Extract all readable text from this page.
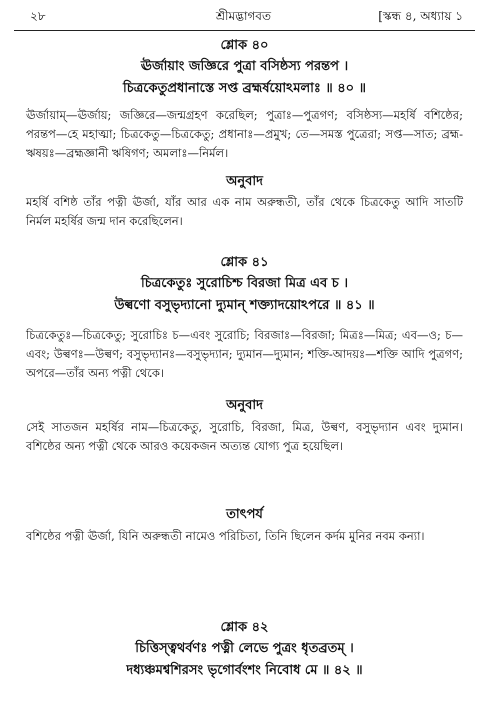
২৮	শ্রীমদ্ভাগবত	[স্কন্ধ ৪, অধ্যায় ১
শ্লোক ৪০
ঊর্জায়াং জজ্ঞিরে পুত্রা বসিষ্ঠস্য পরন্তপ ।
চিত্রকেতুপ্রধানাস্তে সপ্ত ব্রহ্মর্ষয়োঽমলাঃ ॥ ৪০ ॥
ঊর্জায়াম্—ঊর্জায়; জজ্ঞিরে—জন্মগ্রহণ করেছিল; পুত্রাঃ—পুত্রগণ; বসিষ্ঠস্য—মহর্ষি বশিষ্ঠের; পরন্তপ—হে মহাত্মা; চিত্রকেতু—চিত্রকেতু; প্রধানাঃ—প্রমুখ; তে—সমস্ত পুত্রেরা; সপ্ত—সাত; ব্রহ্ম-ঋষয়ঃ—ব্রহ্মজ্ঞানী ঋষিগণ; অমলাঃ—নির্মল।
অনুবাদ
মহর্ষি বশিষ্ঠ তাঁর পত্নী ঊর্জা, যাঁর আর এক নাম অরুন্ধতী, তাঁর থেকে চিত্রকেতু আদি সাতটি নির্মল মহর্ষির জন্ম দান করেছিলেন।
শ্লোক ৪১
চিত্রকেতুঃ সুরোচিশ্চ বিরজা মিত্র এব চ ।
উল্বণো বসুভৃদ্যানো দ্যুমান্ শক্ত্যাদয়োঽপরে ॥ ৪১ ॥
চিত্রকেতুঃ—চিত্রকেতু; সুরোচিঃ চ—এবং সুরোচি; বিরজাঃ—বিরজা; মিত্রঃ—মিত্র; এব—ও; চ—এবং; উল্বণঃ—উল্বণ; বসুভৃদ্যানঃ—বসুভৃদ্যান; দ্যুমান—দ্যুমান; শক্তি-আদয়ঃ—শক্তি আদি পুত্রগণ; অপরে—তাঁর অন্য পত্নী থেকে।
অনুবাদ
সেই সাতজন মহর্ষির নাম—চিত্রকেতু, সুরোচি, বিরজা, মিত্র, উল্বণ, বসুভৃদ্যান এবং দ্যুমান। বশিষ্ঠের অন্য পত্নী থেকে আরও কয়েকজন অত্যন্ত যোগ্য পুত্র হয়েছিল।
তাৎপর্য
বশিষ্ঠের পত্নী ঊর্জা, যিনি অরুন্ধতী নামেও পরিচিতা, তিনি ছিলেন কর্দম মুনির নবম কন্যা।
শ্লোক ৪২
চিত্তিস্ত্বথর্বণঃ পত্নী লেভে পুত্রং ধৃতব্রতম্ ।
দধ্যঞ্চমশ্বশিরসং ভৃগোর্বংশং নিবোধ মে ॥ ৪২ ॥
